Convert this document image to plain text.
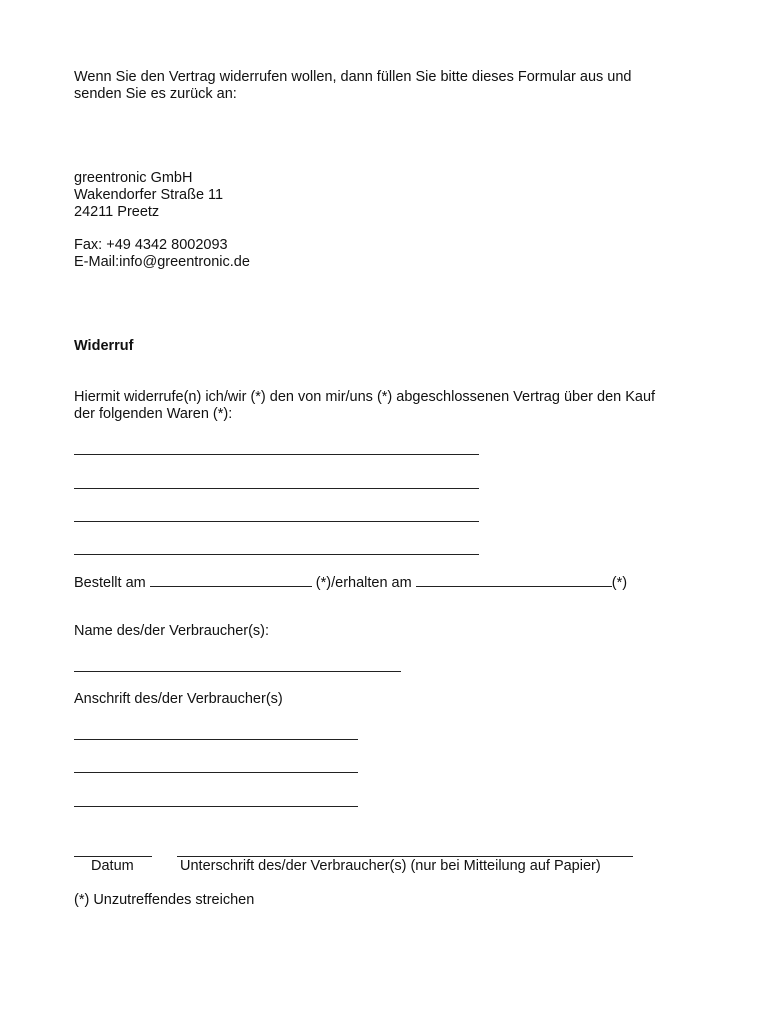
Wenn Sie den Vertrag widerrufen wollen, dann füllen Sie bitte dieses Formular aus und
senden Sie es zurück an:
greentronic GmbH
Wakendorfer Straße 11
24211 Preetz
Fax: +49 4342 8002093
E-Mail:info@greentronic.de
Widerruf
Hiermit widerrufe(n) ich/wir (*) den von mir/uns (*) abgeschlossenen Vertrag über den Kauf
der folgenden Waren (*):
Bestellt am	(*)/erhalten am	(*)
Name des/der Verbraucher(s):
Anschrift des/der Verbraucher(s)
Datum	Unterschrift des/der Verbraucher(s) (nur bei Mitteilung auf Papier)
(*) Unzutreffendes streichen
